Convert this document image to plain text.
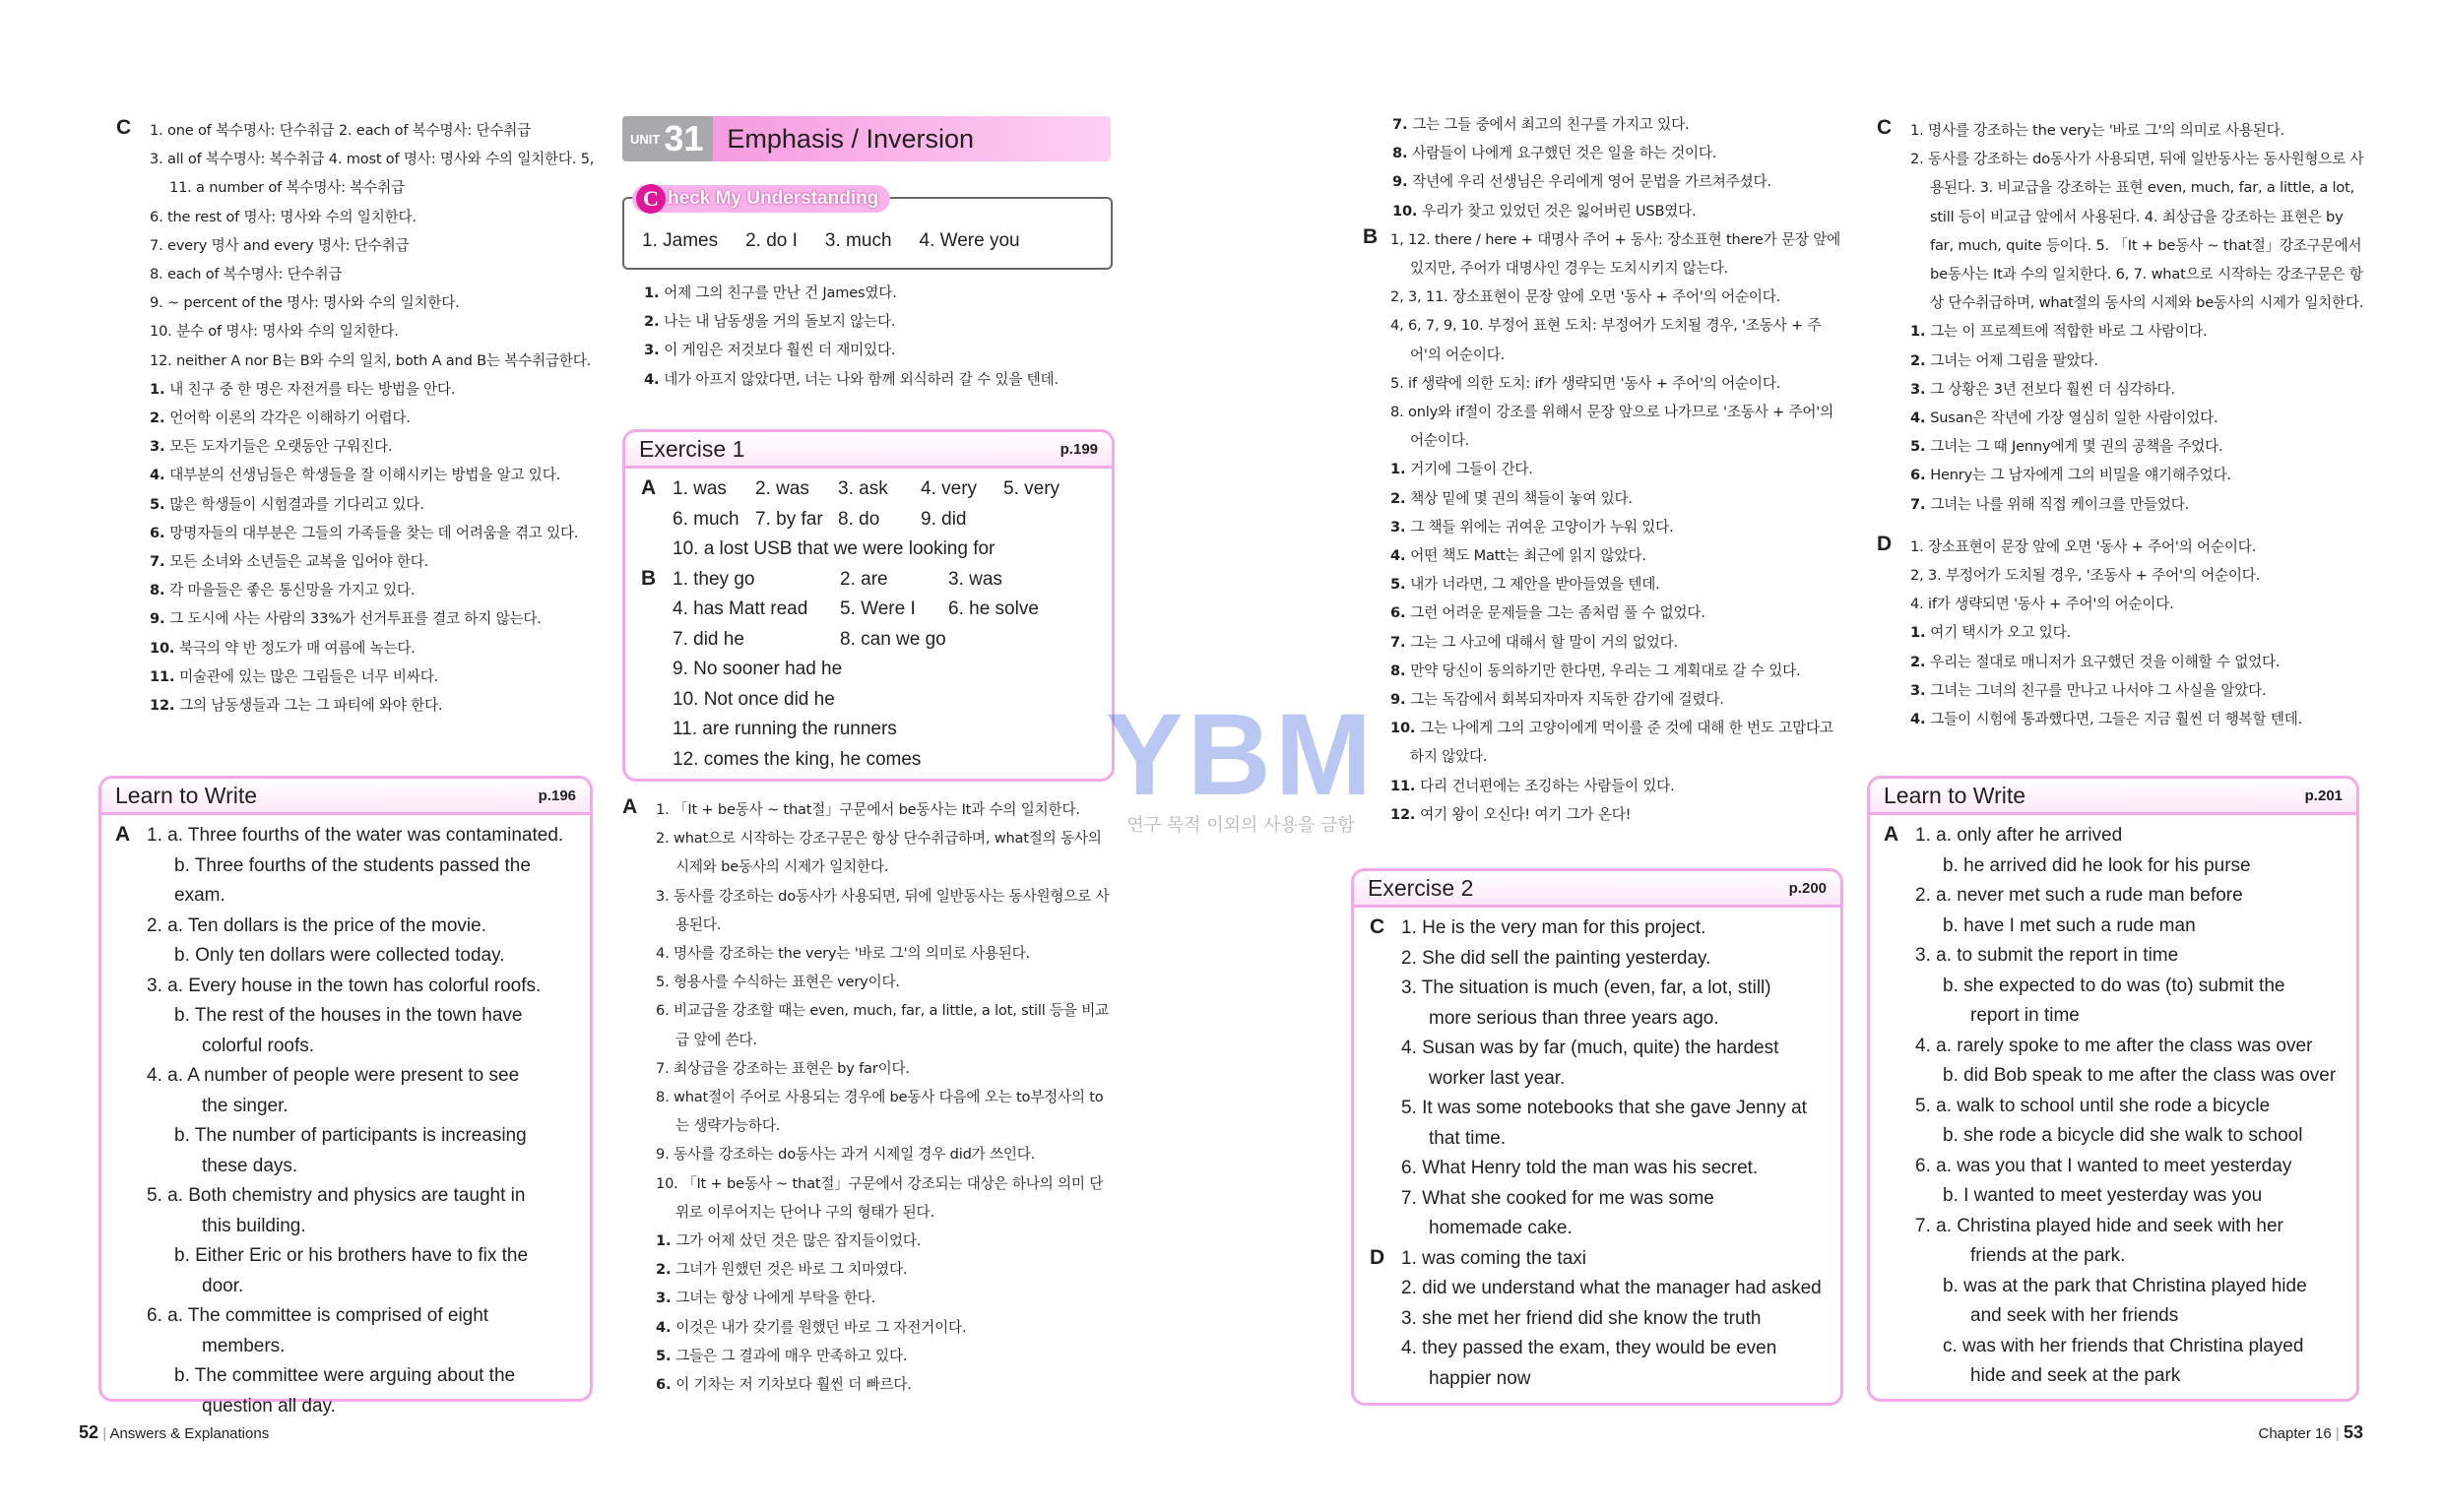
C 1. one of 복수명사: 단수취급 2. each of 복수명사: 단수취급
3. all of 복수명사: 복수취급 4. most of 명사: 명사와 수의 일치한다. 5, 11. a number of 복수명사: 복수취급
6. the rest of 명사: 명사와 수의 일치한다.
7. every 명사 and every 명사: 단수취급
8. each of 복수명사: 단수취급
9. ~ percent of the 명사: 명사와 수의 일치한다.
10. 분수 of 명사: 명사와 수의 일치한다.
12. neither A nor B는 B와 수의 일치, both A and B는 복수취급한다.
1. 내 친구 중 한 명은 자전거를 타는 방법을 안다.
2. 언어학 이론의 각각은 이해하기 어렵다.
3. 모든 도자기들은 오랫동안 구워진다.
4. 대부분의 선생님들은 학생들을 잘 이해시키는 방법을 알고 있다.
5. 많은 학생들이 시험결과를 기다리고 있다.
6. 망명자들의 대부분은 그들의 가족들을 찾는 데 어려움을 겪고 있다.
7. 모든 소녀와 소년들은 교복을 입어야 한다.
8. 각 마을들은 좋은 통신망을 가지고 있다.
9. 그 도시에 사는 사람의 33%가 선거투표를 결코 하지 않는다.
10. 북극의 약 반 정도가 매 여름에 녹는다.
11. 미술관에 있는 많은 그림들은 너무 비싸다.
12. 그의 남동생들과 그는 그 파티에 와야 한다.
Learn to Write	p.196
A 1. a. Three fourths of the water was contaminated.
b. Three fourths of the students passed the exam.
2. a. Ten dollars is the price of the movie.
b. Only ten dollars were collected today.
3. a. Every house in the town has colorful roofs.
b. The rest of the houses in the town have
colorful roofs.
4. a. A number of people were present to see
the singer.
b. The number of participants is increasing
these days.
5. a. Both chemistry and physics are taught in
this building.
b. Either Eric or his brothers have to fix the
door.
6. a. The committee is comprised of eight
members.
b. The committee were arguing about the
question all day.
UNIT 31 Emphasis / Inversion
C heck My Understanding
1. James 2. do I 3. much 4. Were you
1. 어제 그의 친구를 만난 건 James였다.
2. 나는 내 남동생을 거의 돌보지 않는다.
3. 이 게임은 저것보다 훨씬 더 재미있다.
4. 네가 아프지 않았다면, 너는 나와 함께 외식하러 갈 수 있을 텐데.
Exercise 1	p.199
A 1. was	2. was	3. ask	4. very	5. very
6. much 7. by far 8. do	9. did
10. a lost USB that we were looking for
B 1. they go	2. are	3. was
4. has Matt read	5. Were I	6. he solve
7. did he	8. can we go
9. No sooner had he
10. Not once did he
11. are running the runners
12. comes the king, he comes
A 1. 「It + be동사 ~ that절」구문에서 be동사는 It과 수의 일치한다.
2. what으로 시작하는 강조구문은 항상 단수취급하며, what절의 동사의 시제와 be동사의 시제가 일치한다.
3. 동사를 강조하는 do동사가 사용되면, 뒤에 일반동사는 동사원형으로 사용된다.
4. 명사를 강조하는 the very는 '바로 그'의 의미로 사용된다.
5. 형용사를 수식하는 표현은 very이다.
6. 비교급을 강조할 때는 even, much, far, a little, a lot, still 등을 비교급 앞에 쓴다.
7. 최상급을 강조하는 표현은 by far이다.
8. what절이 주어로 사용되는 경우에 be동사 다음에 오는 to부정사의 to는 생략가능하다.
9. 동사를 강조하는 do동사는 과거 시제일 경우 did가 쓰인다.
10. 「It + be동사 ~ that절」구문에서 강조되는 대상은 하나의 의미 단위로 이루어지는 단어나 구의 형태가 된다.
1. 그가 어제 샀던 것은 많은 잡지들이었다.
2. 그녀가 원했던 것은 바로 그 치마였다.
3. 그녀는 항상 나에게 부탁을 한다.
4. 이것은 내가 갖기를 원했던 바로 그 자전거이다.
5. 그들은 그 결과에 매우 만족하고 있다.
6. 이 기차는 저 기차보다 훨씬 더 빠르다.
7. 그는 그들 중에서 최고의 친구를 가지고 있다.
8. 사람들이 나에게 요구했던 것은 일을 하는 것이다.
9. 작년에 우리 선생님은 우리에게 영어 문법을 가르쳐주셨다.
10. 우리가 찾고 있었던 것은 잃어버린 USB였다.
B 1, 12. there / here + 대명사 주어 + 동사: 장소표현 there가 문장 앞에 있지만, 주어가 대명사인 경우는 도치시키지 않는다.
2, 3, 11. 장소표현이 문장 앞에 오면 '동사 + 주어'의 어순이다.
4, 6, 7, 9, 10. 부정어 표현 도치: 부정어가 도치될 경우, '조동사 + 주어'의 어순이다.
5. if 생략에 의한 도치: if가 생략되면 '동사 + 주어'의 어순이다.
8. only와 if절이 강조를 위해서 문장 앞으로 나가므로 '조동사 + 주어'의 어순이다.
1. 거기에 그들이 간다.
2. 책상 밑에 몇 권의 책들이 놓여 있다.
3. 그 책들 위에는 귀여운 고양이가 누워 있다.
4. 어떤 책도 Matt는 최근에 읽지 않았다.
5. 내가 너라면, 그 제안을 받아들였을 텐데.
6. 그런 어려운 문제들을 그는 좀처럼 풀 수 없었다.
7. 그는 그 사고에 대해서 할 말이 거의 없었다.
8. 만약 당신이 동의하기만 한다면, 우리는 그 계획대로 갈 수 있다.
9. 그는 독감에서 회복되자마자 지독한 감기에 걸렸다.
10. 그는 나에게 그의 고양이에게 먹이를 준 것에 대해 한 번도 고맙다고 하지 않았다.
11. 다리 건너편에는 조깅하는 사람들이 있다.
12. 여기 왕이 오신다! 여기 그가 온다!
Exercise 2	p.200
C 1. He is the very man for this project.
2. She did sell the painting yesterday.
3. The situation is much (even, far, a lot, still)
more serious than three years ago.
4. Susan was by far (much, quite) the hardest
worker last year.
5. It was some notebooks that she gave Jenny at
that time.
6. What Henry told the man was his secret.
7. What she cooked for me was some
homemade cake.
D 1. was coming the taxi
2. did we understand what the manager had asked
3. she met her friend did she know the truth
4. they passed the exam, they would be even
happier now
C 1. 명사를 강조하는 the very는 '바로 그'의 의미로 사용된다.
2. 동사를 강조하는 do동사가 사용되면, 뒤에 일반동사는 동사원형으로 사용된다. 3. 비교급을 강조하는 표현 even, much, far, a little, a lot, still 등이 비교급 앞에서 사용된다. 4. 최상급을 강조하는 표현은 by far, much, quite 등이다. 5. 「It + be동사 ~ that절」강조구문에서 be동사는 It과 수의 일치한다. 6, 7. what으로 시작하는 강조구문은 항상 단수취급하며, what절의 동사의 시제와 be동사의 시제가 일치한다.
1. 그는 이 프로젝트에 적합한 바로 그 사람이다.
2. 그녀는 어제 그림을 팔았다.
3. 그 상황은 3년 전보다 훨씬 더 심각하다.
4. Susan은 작년에 가장 열심히 일한 사람이었다.
5. 그녀는 그 때 Jenny에게 몇 권의 공책을 주었다.
6. Henry는 그 남자에게 그의 비밀을 얘기해주었다.
7. 그녀는 나를 위해 직접 케이크를 만들었다.
D 1. 장소표현이 문장 앞에 오면 '동사 + 주어'의 어순이다.
2, 3. 부정어가 도치될 경우, '조동사 + 주어'의 어순이다.
4. if가 생략되면 '동사 + 주어'의 어순이다.
1. 여기 택시가 오고 있다.
2. 우리는 절대로 매니저가 요구했던 것을 이해할 수 없었다.
3. 그녀는 그녀의 친구를 만나고 나서야 그 사실을 알았다.
4. 그들이 시험에 통과했다면, 그들은 지금 훨씬 더 행복할 텐데.
Learn to Write	p.201
A 1. a. only after he arrived
b. he arrived did he look for his purse
2. a. never met such a rude man before
b. have I met such a rude man
3. a. to submit the report in time
b. she expected to do was (to) submit the
report in time
4. a. rarely spoke to me after the class was over
b. did Bob speak to me after the class was over
5. a. walk to school until she rode a bicycle
b. she rode a bicycle did she walk to school
6. a. was you that I wanted to meet yesterday
b. I wanted to meet yesterday was you
7. a. Christina played hide and seek with her
friends at the park.
b. was at the park that Christina played hide
and seek with her friends
c. was with her friends that Christina played
hide and seek at the park
YBM
연구 목적 이외의 사용을 금함
52 | Answers & Explanations	Chapter 16 | 53
